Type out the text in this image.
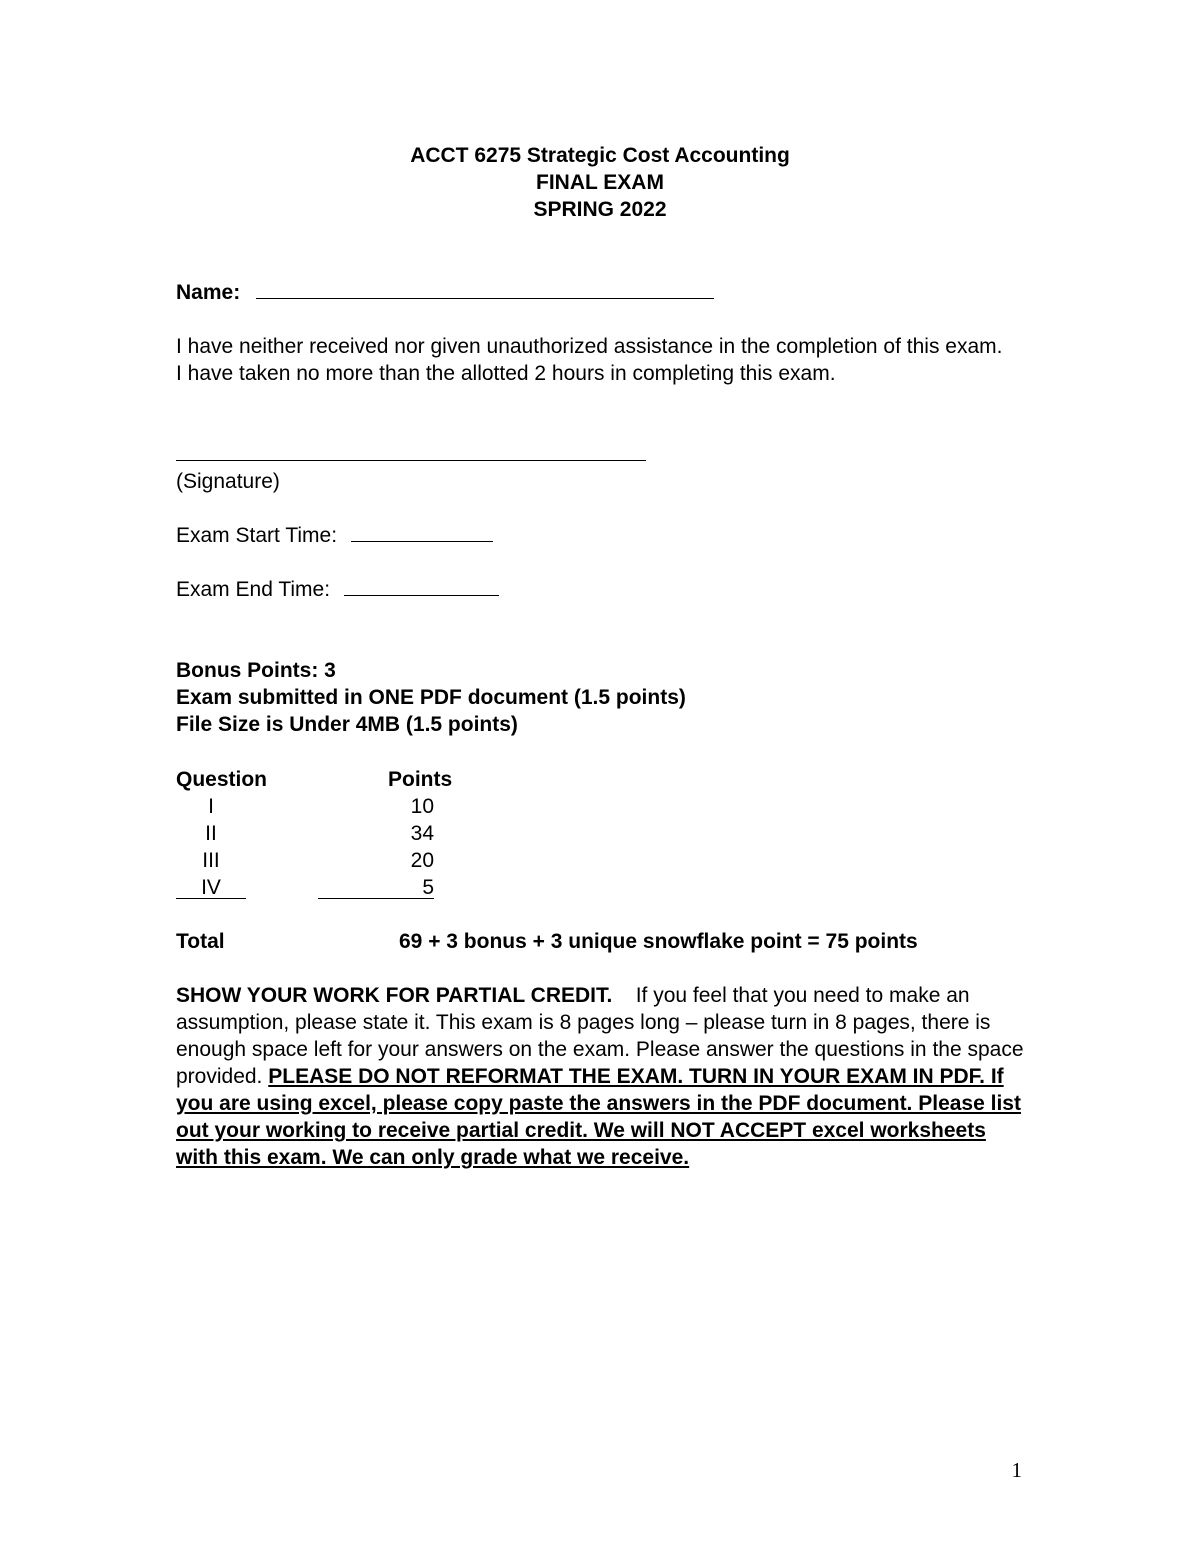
ACCT 6275 Strategic Cost Accounting
FINAL EXAM
SPRING 2022
Name:
I have neither received nor given unauthorized assistance in the completion of this exam. I have taken no more than the allotted 2 hours in completing this exam.
(Signature)
Exam Start Time:
Exam End Time:
Bonus Points: 3
Exam submitted in ONE PDF document (1.5 points)
File Size is Under 4MB (1.5 points)
Question	Points
I	10
II	34
III	20
IV	5
Total	69 + 3 bonus + 3 unique snowflake point = 75 points
SHOW YOUR WORK FOR PARTIAL CREDIT. If you feel that you need to make an assumption, please state it. This exam is 8 pages long – please turn in 8 pages, there is enough space left for your answers on the exam. Please answer the questions in the space provided. PLEASE DO NOT REFORMAT THE EXAM. TURN IN YOUR EXAM IN PDF. If you are using excel, please copy paste the answers in the PDF document. Please list out your working to receive partial credit. We will NOT ACCEPT excel worksheets with this exam. We can only grade what we receive.
1
